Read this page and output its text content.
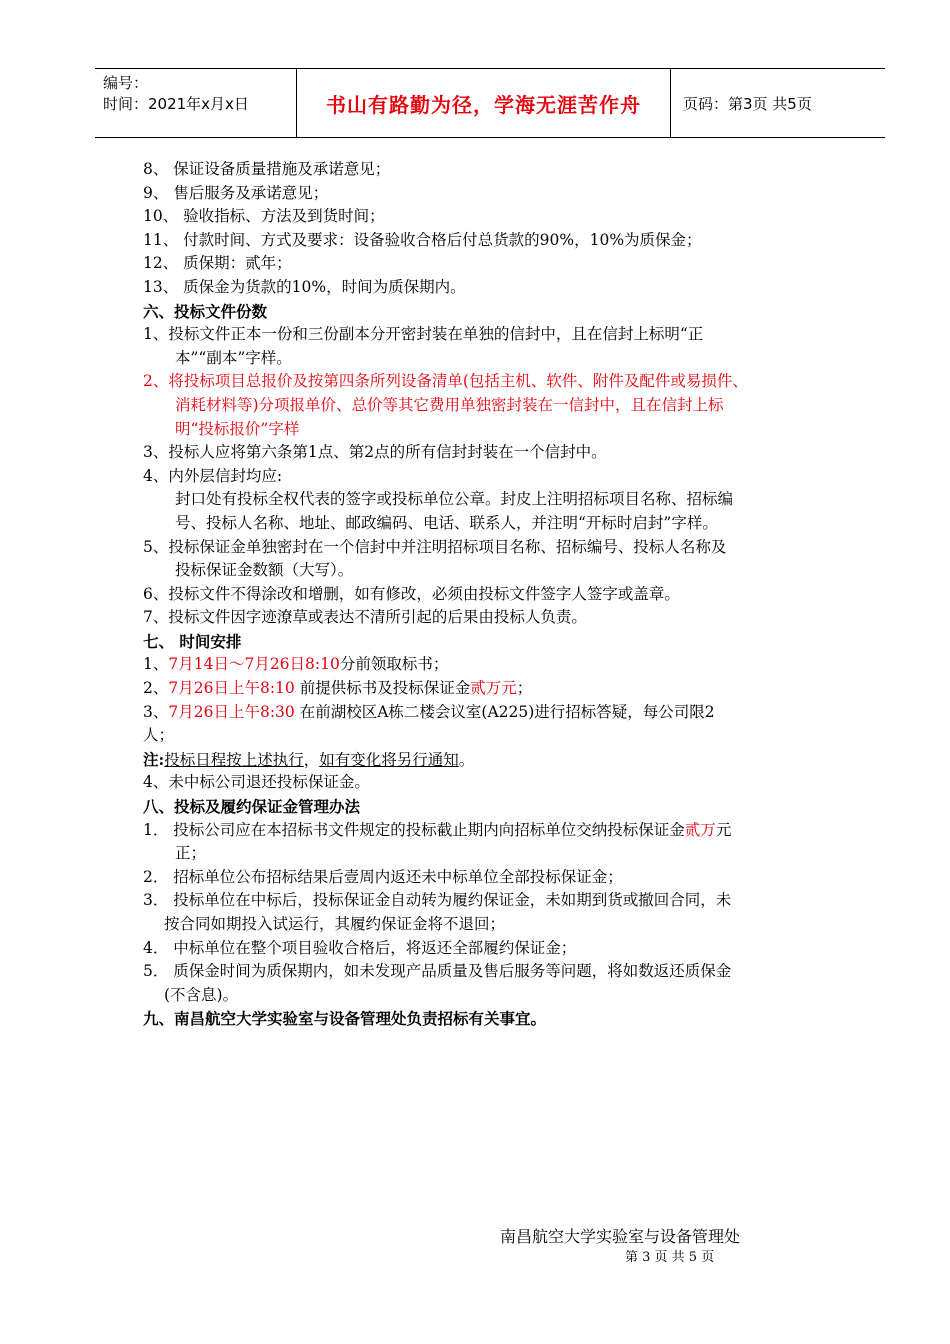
编号：
时间：2021年x月x日	书山有路勤为径，学海无涯苦作舟	页码：第3页 共5页
8、 保证设备质量措施及承诺意见；
9、 售后服务及承诺意见；
10、 验收指标、方法及到货时间；
11、 付款时间、方式及要求：设备验收合格后付总货款的90%，10%为质保金；
12、 质保期：贰年；
13、 质保金为货款的10%，时间为质保期内。
六、投标文件份数
1、投标文件正本一份和三份副本分开密封装在单独的信封中，且在信封上标明“正
本”“副本”字样。
2、将投标项目总报价及按第四条所列设备清单(包括主机、软件、附件及配件或易损件、
消耗材料等)分项报单价、总价等其它费用单独密封装在一信封中，且在信封上标
明“投标报价”字样
3、投标人应将第六条第1点、第2点的所有信封封装在一个信封中。
4、内外层信封均应:
封口处有投标全权代表的签字或投标单位公章。封皮上注明招标项目名称、招标编
号、投标人名称、地址、邮政编码、电话、联系人，并注明“开标时启封”字样。
5、投标保证金单独密封在一个信封中并注明招标项目名称、招标编号、投标人名称及
投标保证金数额（大写）。
6、投标文件不得涂改和增删，如有修改，必须由投标文件签字人签字或盖章。
7、投标文件因字迹潦草或表达不清所引起的后果由投标人负责。
七、 时间安排
1、7月14日～7月26日8:10分前领取标书；
2、7月26日上午8:10 前提供标书及投标保证金贰万元；
3、7月26日上午8:30 在前湖校区A栋二楼会议室(A225)进行招标答疑，每公司限2
人；
注:投标日程按上述执行，如有变化将另行通知。
4、未中标公司退还投标保证金。
八、投标及履约保证金管理办法
1． 投标公司应在本招标书文件规定的投标截止期内向招标单位交纳投标保证金贰万元
正；
2． 招标单位公布招标结果后壹周内返还未中标单位全部投标保证金；
3． 投标单位在中标后，投标保证金自动转为履约保证金，未如期到货或撤回合同，未
按合同如期投入试运行，其履约保证金将不退回；
4． 中标单位在整个项目验收合格后，将返还全部履约保证金；
5． 质保金时间为质保期内，如未发现产品质量及售后服务等问题，将如数返还质保金
(不含息)。
九、南昌航空大学实验室与设备管理处负责招标有关事宜。
南昌航空大学实验室与设备管理处
第 3 页 共 5 页
